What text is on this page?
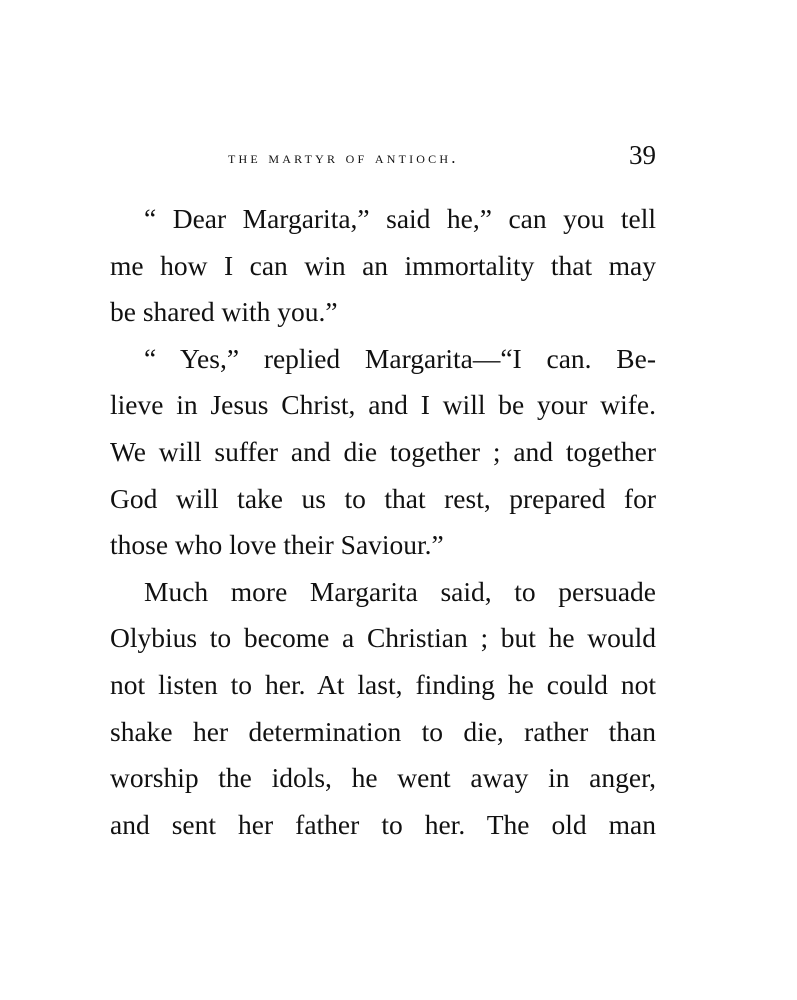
the martyr of antioch.	39
“ Dear Margarita,” said he,” can you tell
me how I can win an immortality that may
be shared with you.”
“ Yes,” replied Margarita—“I can. Be-
lieve in Jesus Christ, and I will be your wife.
We will suffer and die together ; and together
God will take us to that rest, prepared for
those who love their Saviour.”
Much more Margarita said, to persuade
Olybius to become a Christian ; but he would
not listen to her. At last, finding he could not
shake her determination to die, rather than
worship the idols, he went away in anger,
and sent her father to her. The old man
